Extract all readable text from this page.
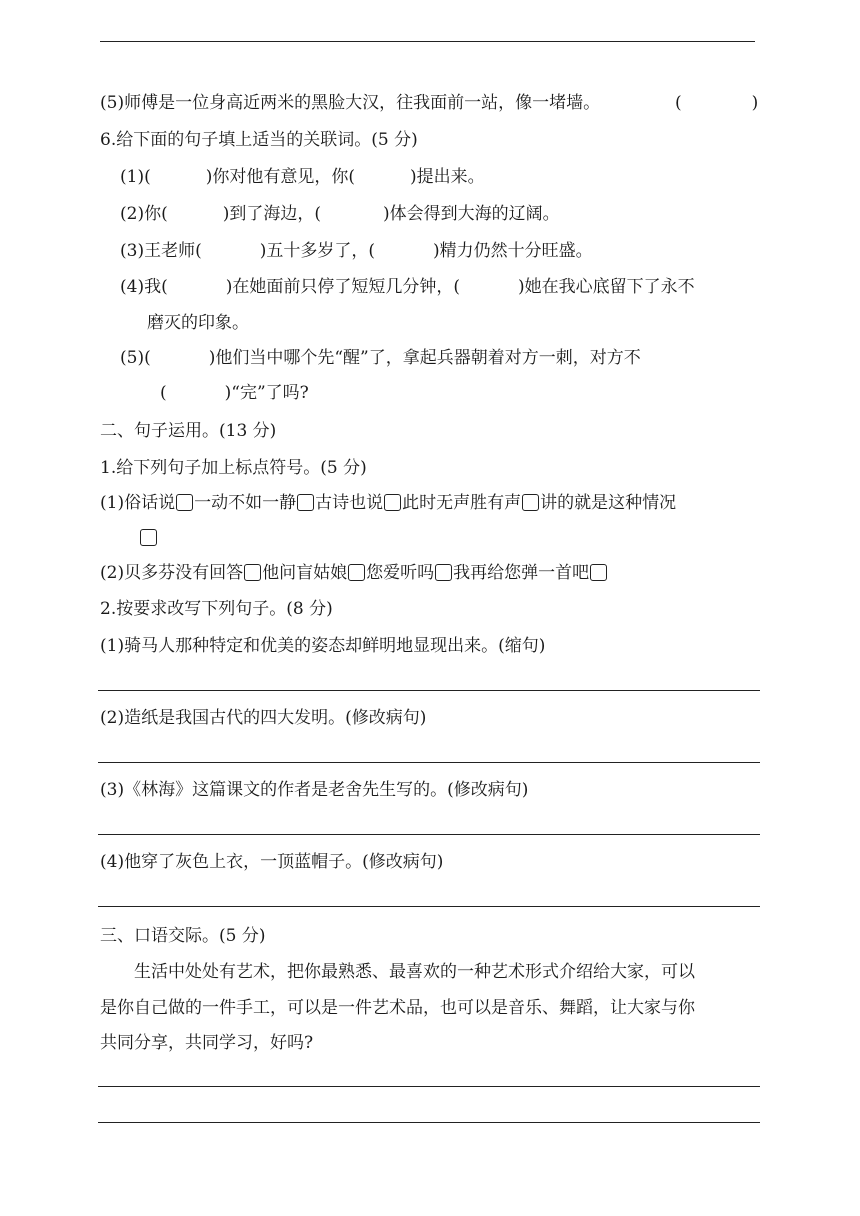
(5)师傅是一位身高近两米的黑脸大汉，往我面前一站，像一堵墙。	(	)
6.给下面的句子填上适当的关联词。(5 分)
(1)(	)你对他有意见，你(	)提出来。
(2)你(	)到了海边，(	)体会得到大海的辽阔。
(3)王老师(	)五十多岁了，(	)精力仍然十分旺盛。
(4)我(	)在她面前只停了短短几分钟，(	)她在我心底留下了永不
磨灭的印象。
(5)(	)他们当中哪个先“醒”了，拿起兵器朝着对方一刺，对方不
(	)“完”了吗?
二、句子运用。(13 分)
1.给下列句子加上标点符号。(5 分)
(1)俗话说 一动不如一静 古诗也说 此时无声胜有声 讲的就是这种情况
(2)贝多芬没有回答 他问盲姑娘 您爱听吗 我再给您弹一首吧
2.按要求改写下列句子。(8 分)
(1)骑马人那种特定和优美的姿态却鲜明地显现出来。(缩句)
(2)造纸是我国古代的四大发明。(修改病句)
(3)《林海》这篇课文的作者是老舍先生写的。(修改病句)
(4)他穿了灰色上衣，一顶蓝帽子。(修改病句)
三、口语交际。(5 分)
生活中处处有艺术，把你最熟悉、最喜欢的一种艺术形式介绍给大家，可以
是你自己做的一件手工，可以是一件艺术品，也可以是音乐、舞蹈，让大家与你
共同分享，共同学习，好吗?
